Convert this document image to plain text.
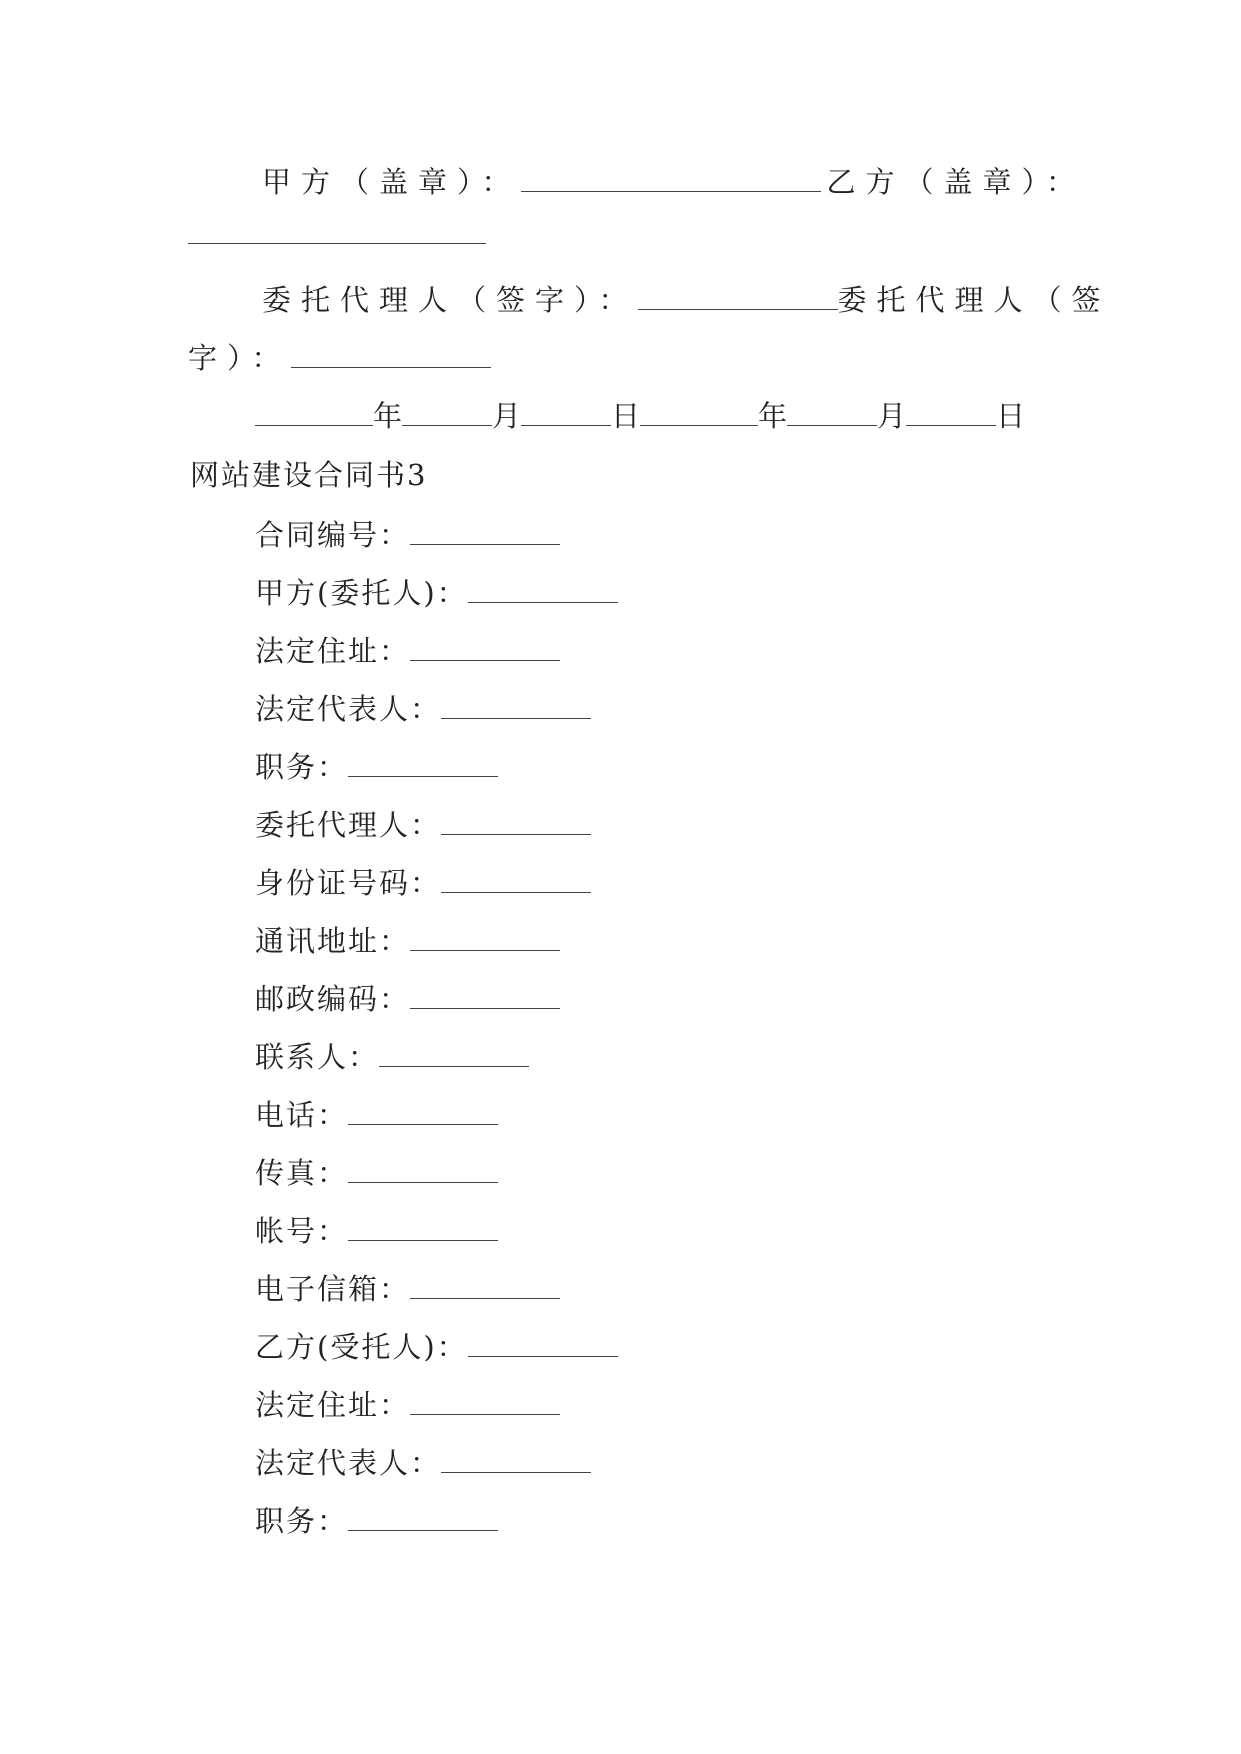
甲方（盖章）：	乙方（盖章）：
委托代理人（签字）：	委托代理人（签
字）：
年	月	日	年	月	日
网站建设合同书3
合同编号：
甲方(委托人)：
法定住址：
法定代表人：
职务：
委托代理人：
身份证号码：
通讯地址：
邮政编码：
联系人：
电话：
传真：
帐号：
电子信箱：
乙方(受托人)：
法定住址：
法定代表人：
职务：
